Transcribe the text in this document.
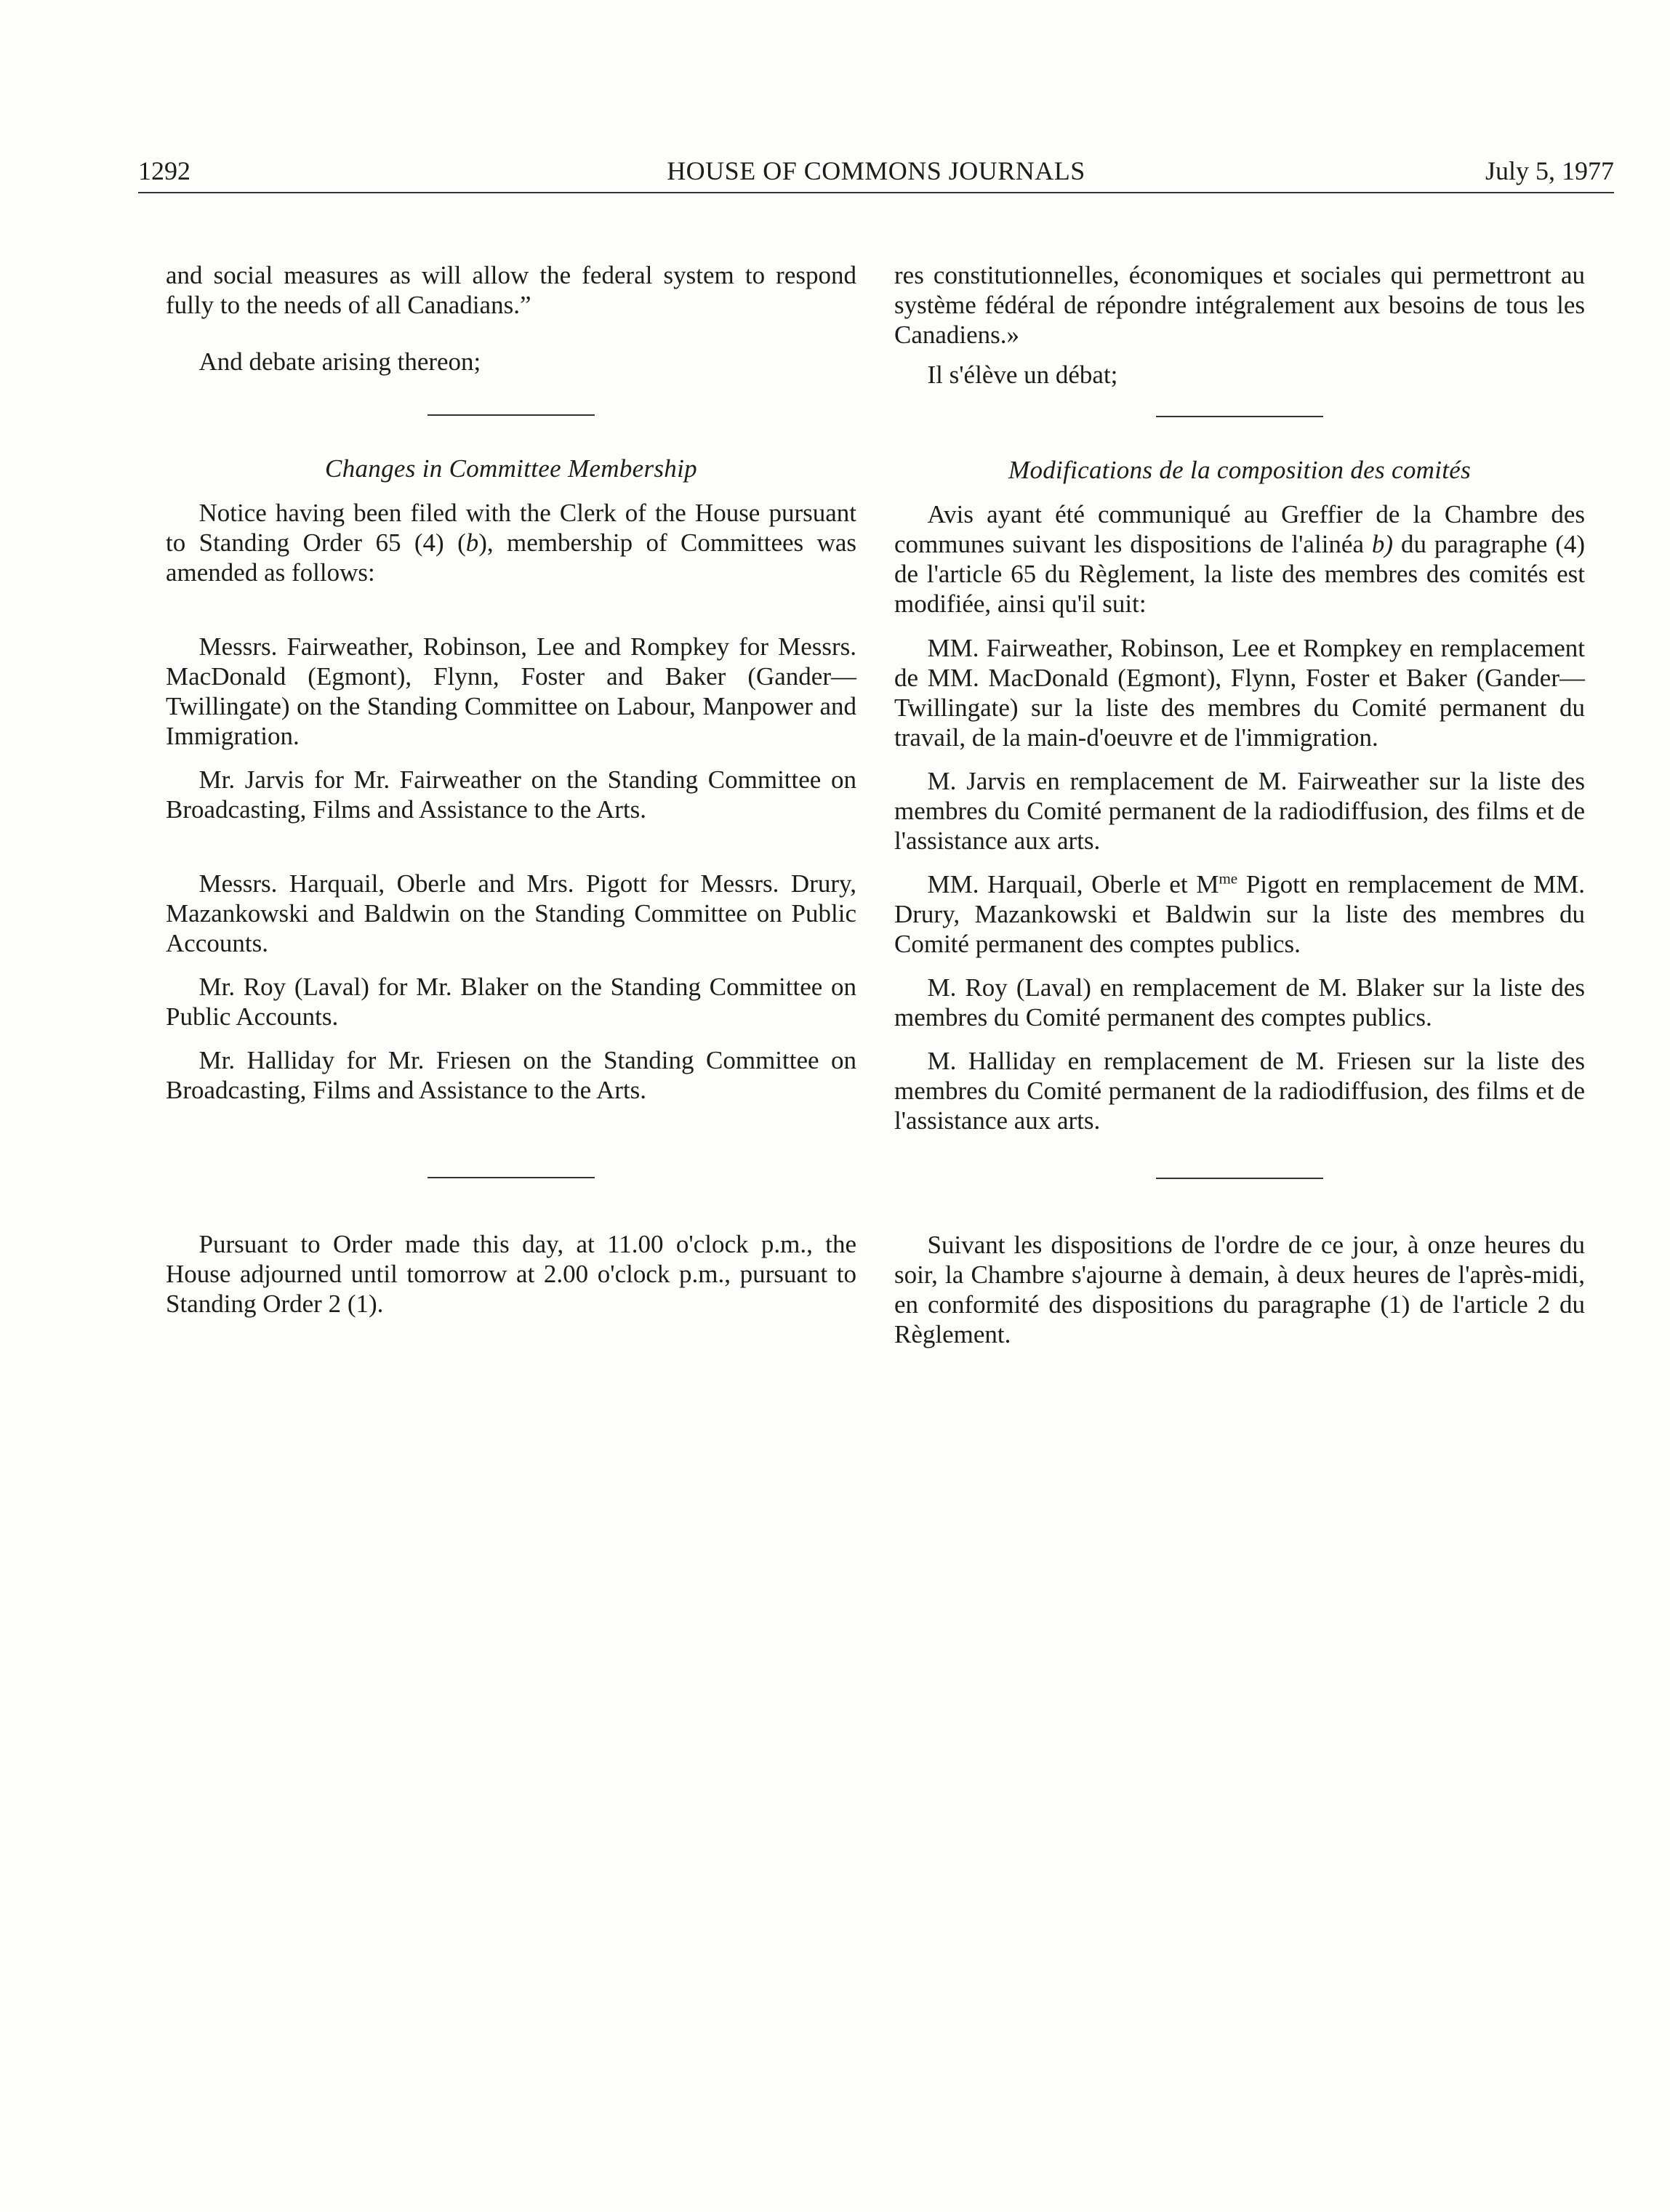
1292	HOUSE OF COMMONS JOURNALS	July 5, 1977

and social measures as will allow the federal system to respond fully to the needs of all Canadians.”

And debate arising thereon;

Changes in Committee Membership

Notice having been filed with the Clerk of the House pursuant to Standing Order 65 (4) (b), membership of Committees was amended as follows:

Messrs. Fairweather, Robinson, Lee and Rompkey for Messrs. MacDonald (Egmont), Flynn, Foster and Baker (Gander—Twillingate) on the Standing Committee on Labour, Manpower and Immigration.

Mr. Jarvis for Mr. Fairweather on the Standing Committee on Broadcasting, Films and Assistance to the Arts.

Messrs. Harquail, Oberle and Mrs. Pigott for Messrs. Drury, Mazankowski and Baldwin on the Standing Committee on Public Accounts.

Mr. Roy (Laval) for Mr. Blaker on the Standing Committee on Public Accounts.

Mr. Halliday for Mr. Friesen on the Standing Committee on Broadcasting, Films and Assistance to the Arts.

Pursuant to Order made this day, at 11.00 o'clock p.m., the House adjourned until tomorrow at 2.00 o'clock p.m., pursuant to Standing Order 2 (1).

res constitutionnelles, économiques et sociales qui permettront au système fédéral de répondre intégralement aux besoins de tous les Canadiens.»

Il s'élève un débat;

Modifications de la composition des comités

Avis ayant été communiqué au Greffier de la Chambre des communes suivant les dispositions de l'alinéa b) du paragraphe (4) de l'article 65 du Règlement, la liste des membres des comités est modifiée, ainsi qu'il suit:

MM. Fairweather, Robinson, Lee et Rompkey en remplacement de MM. MacDonald (Egmont), Flynn, Foster et Baker (Gander—Twillingate) sur la liste des membres du Comité permanent du travail, de la main-d'oeuvre et de l'immigration.

M. Jarvis en remplacement de M. Fairweather sur la liste des membres du Comité permanent de la radiodiffusion, des films et de l'assistance aux arts.

MM. Harquail, Oberle et $M^{me}$ Pigott en remplacement de MM. Drury, Mazankowski et Baldwin sur la liste des membres du Comité permanent des comptes publics.

M. Roy (Laval) en remplacement de M. Blaker sur la liste des membres du Comité permanent des comptes publics.

M. Halliday en remplacement de M. Friesen sur la liste des membres du Comité permanent de la radiodiffusion, des films et de l'assistance aux arts.

Suivant les dispositions de l'ordre de ce jour, à onze heures du soir, la Chambre s'ajourne à demain, à deux heures de l'après-midi, en conformité des dispositions du paragraphe (1) de l'article 2 du Règlement.
